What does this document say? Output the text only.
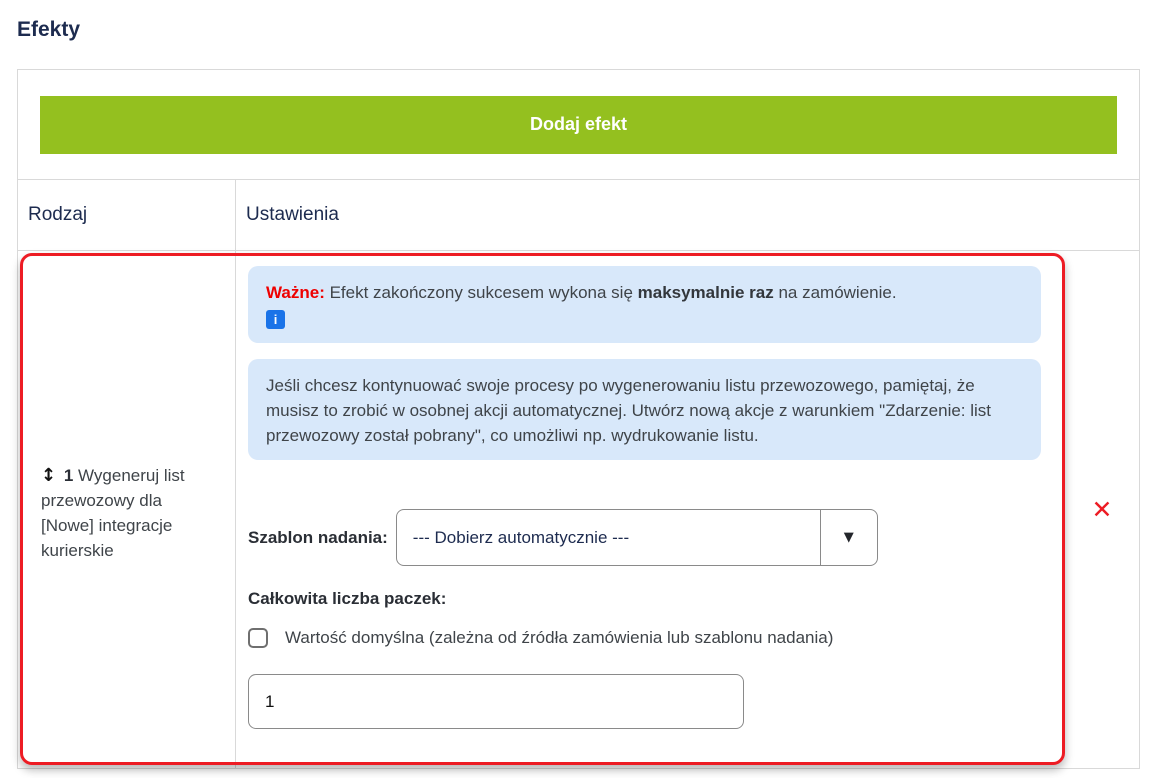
Efekty
Dodaj efekt
Rodzaj	Ustawienia
↕ 1 Wygeneruj list przewozowy dla [Nowe] integracje kurierskie
Ważne: Efekt zakończony sukcesem wykona się maksymalnie raz na zamówienie.
i
Jeśli chcesz kontynuować swoje procesy po wygenerowaniu listu przewozowego, pamiętaj, że musisz to zrobić w osobnej akcji automatycznej. Utwórz nową akcje z warunkiem "Zdarzenie: list przewozowy został pobrany", co umożliwi np. wydrukowanie listu.
Szablon nadania:	--- Dobierz automatycznie ---	▼
Całkowita liczba paczek:
Wartość domyślna (zależna od źródła zamówienia lub szablonu nadania)
1
✕
